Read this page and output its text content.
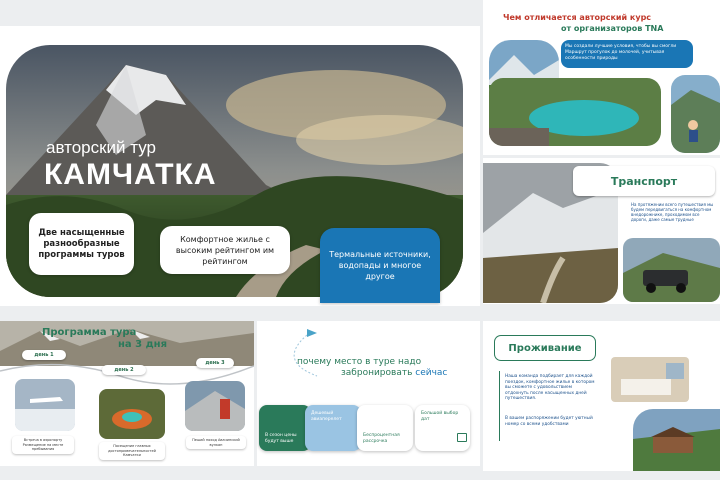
авторский тур
КАМЧАТКА
Две насыщенные разнообразные программы туров
Комфортное жилье с высоким рейтингом им рейтингом
Термальные источники, водопады и многое другое
Чем отличается авторский курс
от организаторов TNA
Мы создали лучшие условия, чтобы вы смогли Маршрут прогулок до молочей, учитывая особенности природы
Транспорт
На протяжении всего путешествия мы будем передвигаться на комфортном внедорожнике, проходимом все дороги, даже самые трудные
Программа тура
на 3 дня
день 1
день 2
день 3
Встреча в аэропорту Размещение на месте пребывания
Посещение главных достопримечательностей Камчатки
Пеший поход Авачинский вулкан
почему место в туре надо
забронировать сейчас
В сезон цены будут выше
Дешевый авиаперелет
Беспроцентная рассрочка
Большой выбор дат
Проживание
Наша команда подбирает для каждой поездок, комфортное жилье в котором вы сможете с удовольствием отдохнуть после насыщенных дней путешествия.
В вашем распоряжении будет уютный номер со всеми удобствами
